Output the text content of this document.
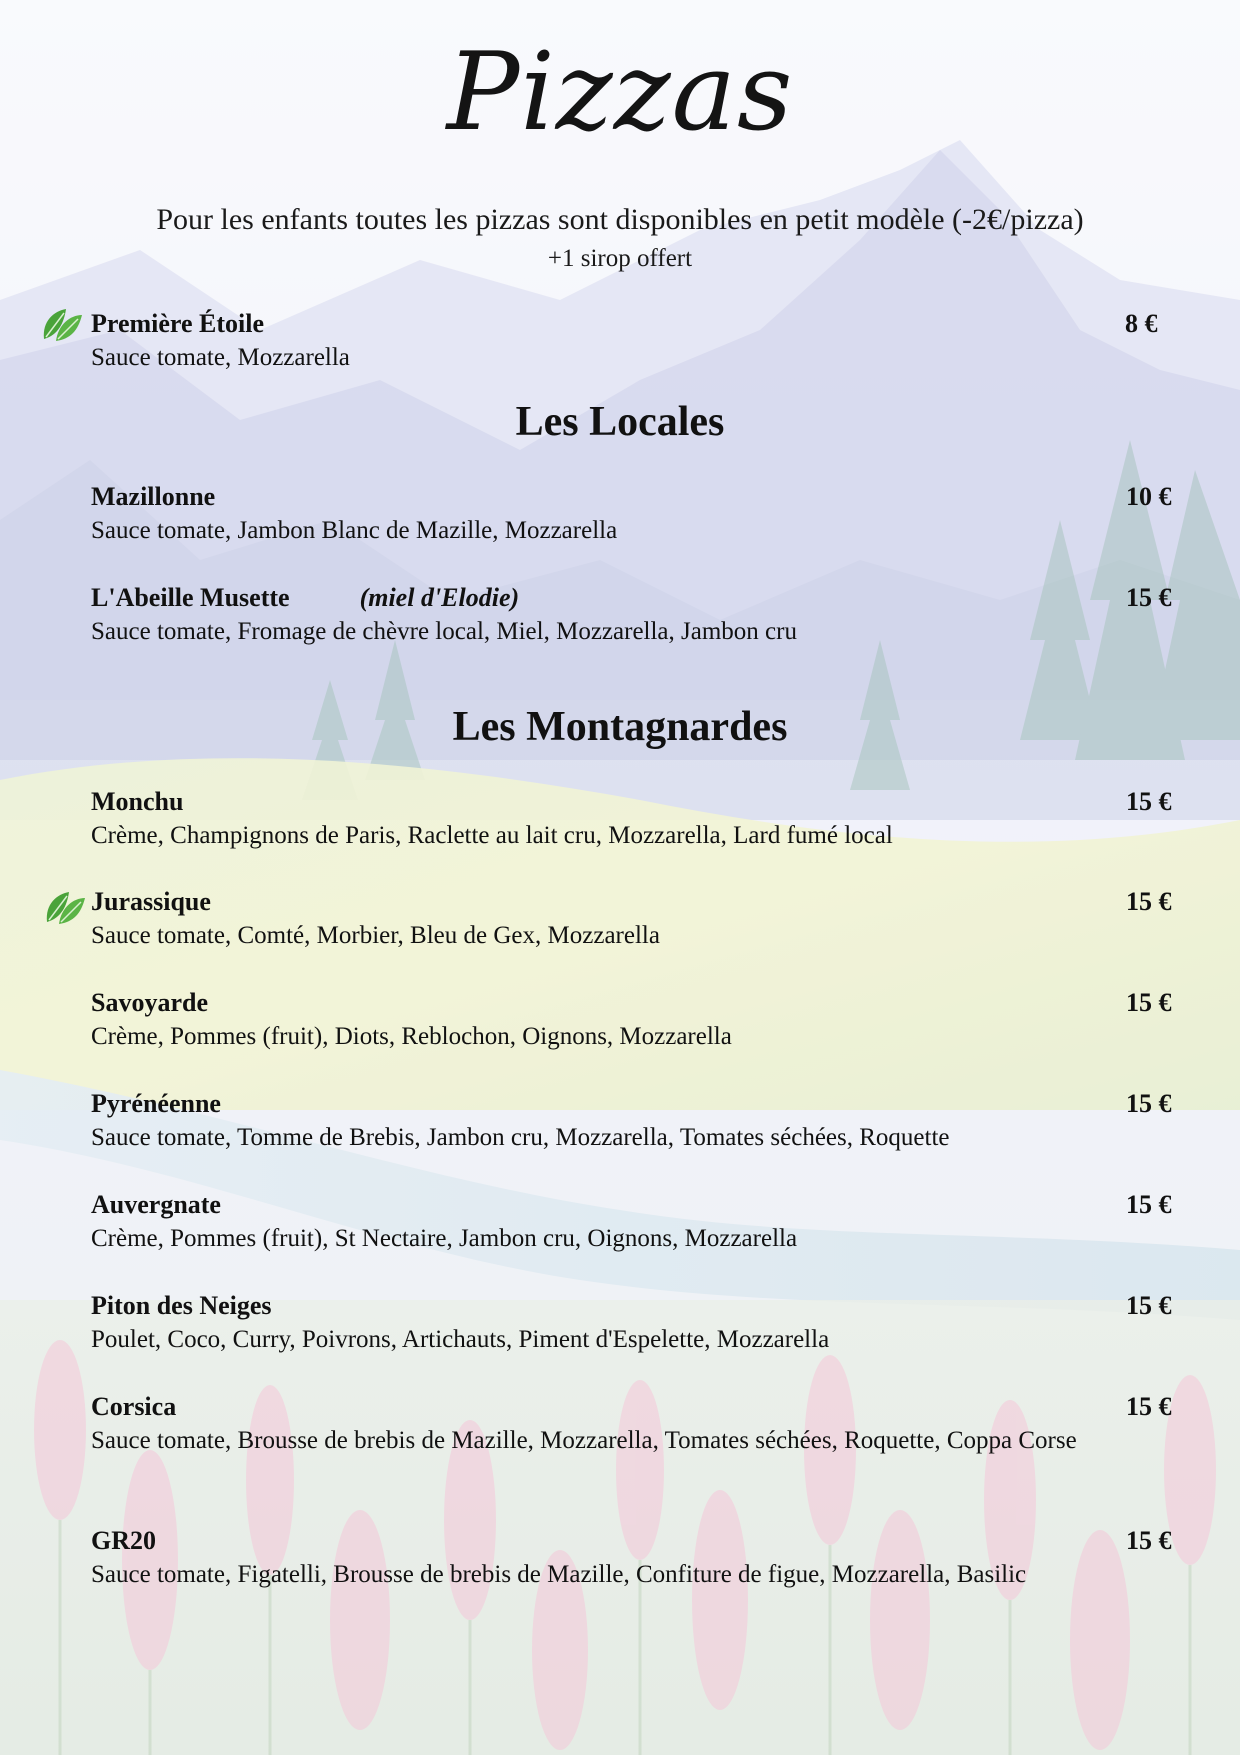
Pizzas
Pour les enfants toutes les pizzas sont disponibles en petit modèle (-2€/pizza)
+1 sirop offert
Première Étoile
Sauce tomate, Mozzarella
8 €
Les Locales
Mazillonne
Sauce tomate, Jambon Blanc de Mazille, Mozzarella
10 €
L'Abeille Musette	(miel d'Elodie)
Sauce tomate, Fromage de chèvre local, Miel, Mozzarella, Jambon cru
15 €
Les Montagnardes
Monchu
Crème, Champignons de Paris, Raclette au lait cru, Mozzarella, Lard fumé local
15 €
Jurassique
Sauce tomate, Comté, Morbier, Bleu de Gex, Mozzarella
15 €
Savoyarde
Crème, Pommes (fruit), Diots, Reblochon, Oignons, Mozzarella
15 €
Pyrénéenne
Sauce tomate, Tomme de Brebis, Jambon cru, Mozzarella, Tomates séchées, Roquette
15 €
Auvergnate
Crème, Pommes (fruit), St Nectaire, Jambon cru, Oignons, Mozzarella
15 €
Piton des Neiges
Poulet, Coco, Curry, Poivrons, Artichauts, Piment d'Espelette, Mozzarella
15 €
Corsica
Sauce tomate, Brousse de brebis de Mazille, Mozzarella, Tomates séchées, Roquette, Coppa Corse
15 €
GR20
Sauce tomate, Figatelli, Brousse de brebis de Mazille, Confiture de figue, Mozzarella, Basilic
15 €
